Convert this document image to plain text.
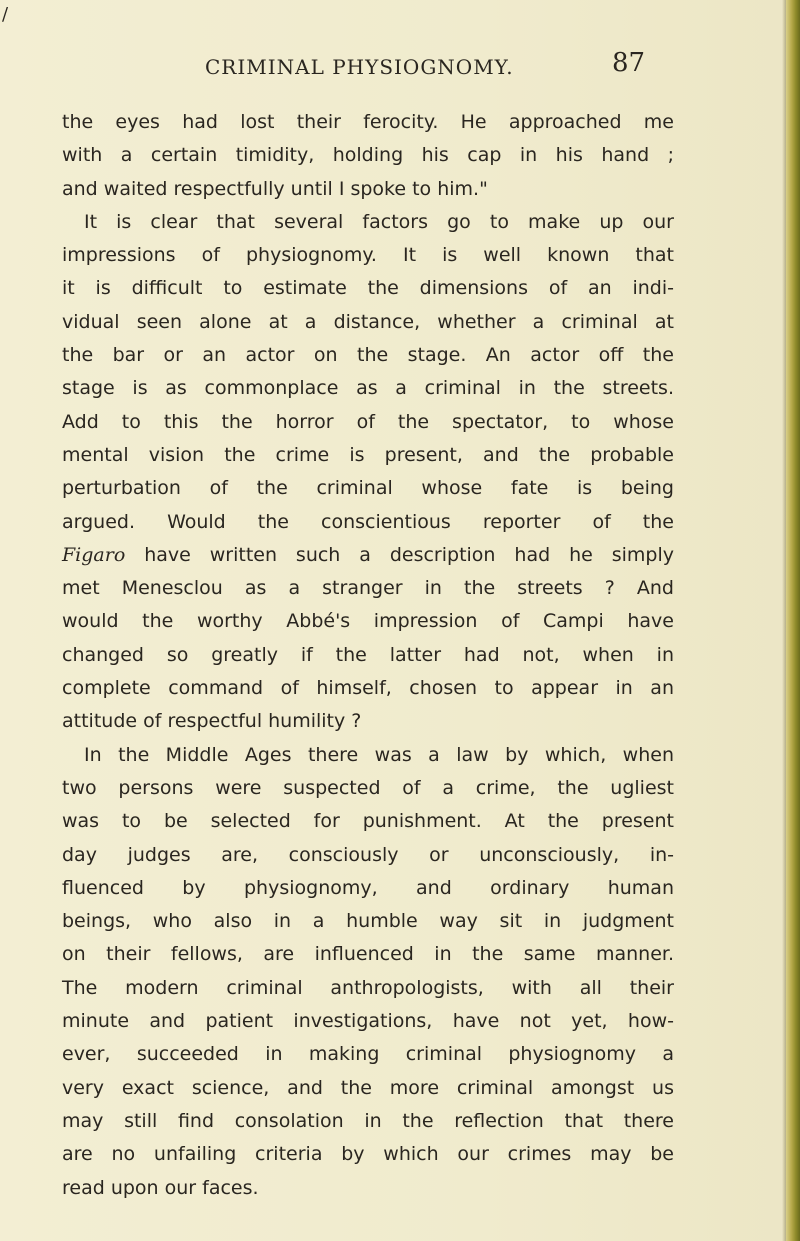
/
CRIMINAL PHYSIOGNOMY.	87
the eyes had lost their ferocity. He approached me
with a certain timidity, holding his cap in his hand ;
and waited respectfully until I spoke to him."
It is clear that several factors go to make up our
impressions of physiognomy. It is well known that
it is difficult to estimate the dimensions of an indi-
vidual seen alone at a distance, whether a criminal at
the bar or an actor on the stage. An actor off the
stage is as commonplace as a criminal in the streets.
Add to this the horror of the spectator, to whose
mental vision the crime is present, and the probable
perturbation of the criminal whose fate is being
argued. Would the conscientious reporter of the
Figaro have written such a description had he simply
met Menesclou as a stranger in the streets ? And
would the worthy Abbé's impression of Campi have
changed so greatly if the latter had not, when in
complete command of himself, chosen to appear in an
attitude of respectful humility ?
In the Middle Ages there was a law by which, when
two persons were suspected of a crime, the ugliest
was to be selected for punishment. At the present
day judges are, consciously or unconsciously, in-
fluenced by physiognomy, and ordinary human
beings, who also in a humble way sit in judgment
on their fellows, are influenced in the same manner.
The modern criminal anthropologists, with all their
minute and patient investigations, have not yet, how-
ever, succeeded in making criminal physiognomy a
very exact science, and the more criminal amongst us
may still find consolation in the reflection that there
are no unfailing criteria by which our crimes may be
read upon our faces.
